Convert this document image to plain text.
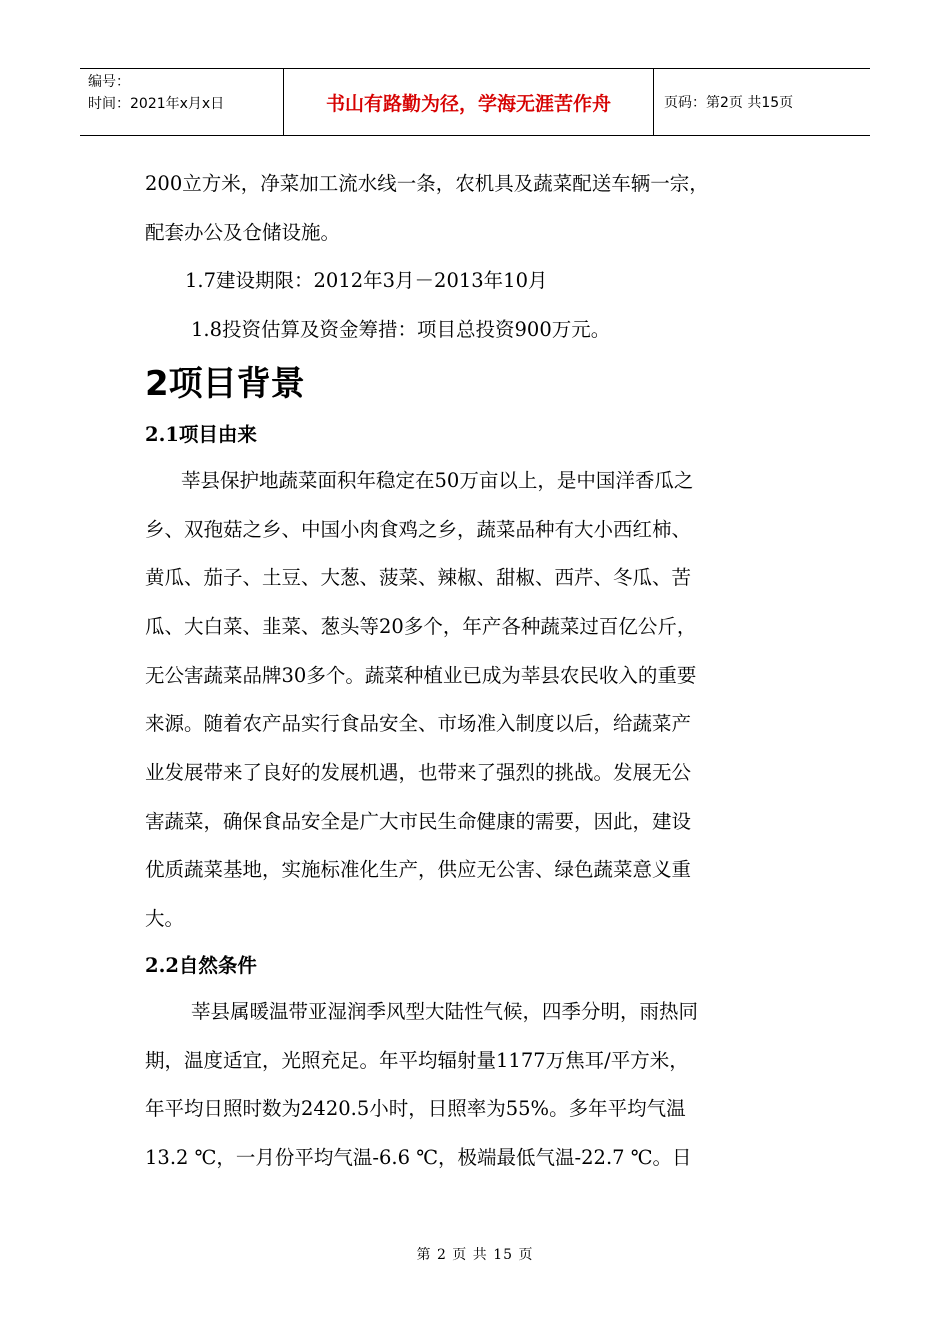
编号：
时间：2021年x月x日	书山有路勤为径，学海无涯苦作舟	页码：第2页 共15页

200立方米，净菜加工流水线一条，农机具及蔬菜配送车辆一宗，

配套办公及仓储设施。

1.7建设期限：2012年3月－2013年10月

1.8投资估算及资金筹措：项目总投资900万元。

2项目背景
2.1项目由来

莘县保护地蔬菜面积年稳定在50万亩以上，是中国洋香瓜之

乡、双孢菇之乡、中国小肉食鸡之乡，蔬菜品种有大小西红柿、

黄瓜、茄子、土豆、大葱、菠菜、辣椒、甜椒、西芹、冬瓜、苦

瓜、大白菜、韭菜、葱头等20多个，年产各种蔬菜过百亿公斤，

无公害蔬菜品牌30多个。蔬菜种植业已成为莘县农民收入的重要

来源。随着农产品实行食品安全、市场准入制度以后，给蔬菜产

业发展带来了良好的发展机遇，也带来了强烈的挑战。发展无公

害蔬菜，确保食品安全是广大市民生命健康的需要，因此，建设

优质蔬菜基地，实施标准化生产，供应无公害、绿色蔬菜意义重

大。

2.2自然条件

莘县属暖温带亚湿润季风型大陆性气候，四季分明，雨热同

期，温度适宜，光照充足。年平均辐射量1177万焦耳/平方米，

年平均日照时数为2420.5小时，日照率为55%。多年平均气温

13.2 ℃，一月份平均气温-6.6 ℃，极端最低气温-22.7 ℃。日

第 2 页 共 15 页
